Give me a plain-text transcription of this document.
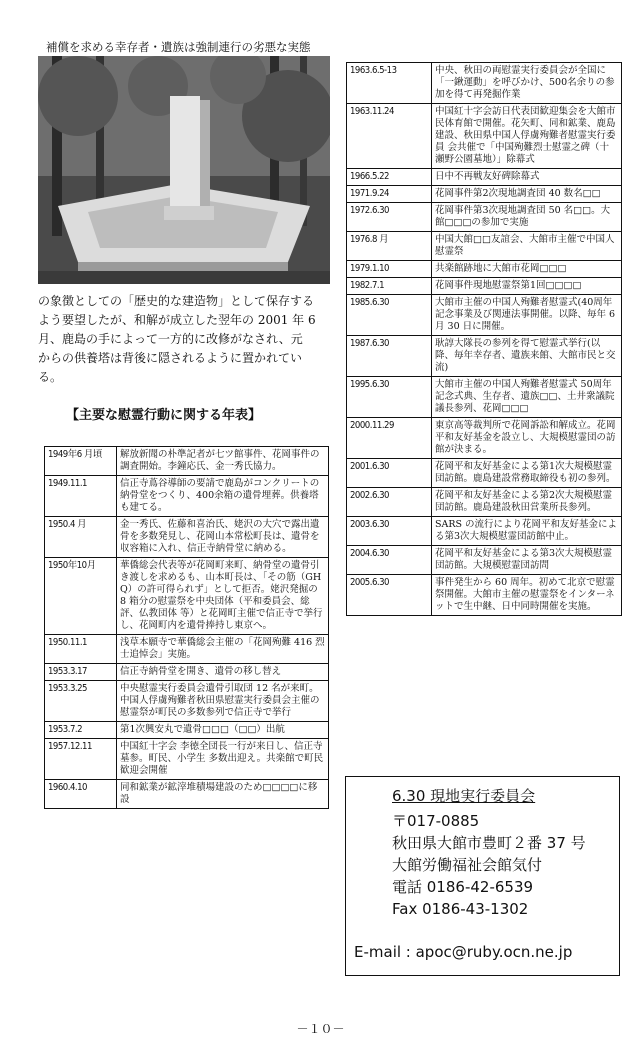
補償を求める幸存者・遺族は強制連行の劣悪な実態

の象徴としての「歴史的な建造物」として保存する

よう要望したが、和解が成立した翌年の 2001 年 6

月、鹿島の手によって一方的に改修がなされ、元

からの供養塔は背後に隠されるように置かれてい

る。

【主要な慰霊行動に関する年表】
1949年6 月頃	解放新聞の朴準記者が七ツ館事件、花岡事件の調査開始。李鐘応氏、金一秀氏協力。
1949.11.1	信正寺蔦谷導師の要請で鹿島がコンクリートの納骨堂をつくり、400余箱の遺骨埋葬。供養塔も建てる。
1950.4 月	金一秀氏、佐藤和喜治氏、姥沢の大穴で露出遺骨を多数発見し、花岡山本常松町長は、遺骨を収容箱に入れ、信正寺納骨堂に納める。
1950年10月	華僑総会代表等が花岡町来町、納骨堂の遺骨引き渡しを求めるも、山本町長は、「その筋（GHQ）の許可得られず」として拒否。姥沢発掘の 8 箱分の慰霊祭を中央団体（平和委員会、総評、仏教団体 等）と花岡町主催で信正寺で挙行し、花岡町内を遺骨捧持し東京へ。
1950.11.1	浅草本願寺で華僑総会主催の「花岡殉難 416 烈士追悼会」実施。
1953.3.17	信正寺納骨堂を開き、遺骨の移し替え
1953.3.25	中央慰霊実行委員会遺骨引取団 12 名が来町。中国人俘虜殉難者秋田県慰霊実行委員会主催の慰霊祭が町民の多数参列で信正寺で挙行
1953.7.2	第1次興安丸で遺骨□□□（□□）出航
1957.12.11	中国紅十字会 李徳全団長一行が来日し、信正寺墓参。町民、小学生 多数出迎え。共楽館で町民歓迎会開催
1960.4.10	同和鉱業が鉱滓堆積場建設のため□□□□に移設
1963.6.5-13	中央、秋田の両慰霊実行委員会が全国に「一鍬運動」を呼びかけ、500名余りの参加を得て再発掘作業
1963.11.24	中国紅十字会訪日代表団歓迎集会を大館市民体育館で開催。花矢町、同和鉱業、鹿島建設、秋田県中国人俘虜殉難者慰霊実行委員 会共催で「中国殉難烈士慰霊之碑（十瀬野公園墓地）」除幕式
1966.5.22	日中不再戦友好碑除幕式
1971.9.24	花岡事件第2次現地調査団 40 数名□□
1972.6.30	花岡事件第3次現地調査団 50 名□□。大館□□□の参加で実施
1976.8 月	中国大館□□友誼会、大館市主催で中国人慰霊祭
1979.1.10	共楽館跡地に大館市花岡□□□
1982.7.1	花岡事件現地慰霊祭第1回□□□□
1985.6.30	大館市主催の中国人殉難者慰霊式(40周年記念事業及び関連法事開催。以降、毎年 6 月 30 日に開催。
1987.6.30	耿諄大隊長の参列を得て慰霊式挙行(以降、毎年幸存者、遺族来館、大館市民と交流)
1995.6.30	大館市主催の中国人殉難者慰霊式 50周年記念式典、生存者、遺族□□、土井衆議院議長参列、花岡□□□
2000.11.29	東京高等裁判所で花岡訴訟和解成立。花岡平和友好基金を設立し、大規模慰霊団の訪館が決まる。
2001.6.30	花岡平和友好基金による第1次大規模慰霊団訪館。鹿島建設常務取締役も初の参列。
2002.6.30	花岡平和友好基金による第2次大規模慰霊団訪館。鹿島建設秋田営業所長参列。
2003.6.30	SARS の流行により花岡平和友好基金による第3次大規模慰霊団訪館中止。
2004.6.30	花岡平和友好基金による第3次大規模慰霊団訪館。大規模慰霊団訪問
2005.6.30	事件発生から 60 周年。初めて北京で慰霊祭開催。大館市主催の慰霊祭をインターネットで生中継、日中同時開催を実施。
6.30 現地実行委員会
〒017-0885
秋田県大館市豊町２番 37 号
大館労働福祉会館気付
電話 0186-42-6539
Fax 0186-43-1302
E-mail : apoc@ruby.ocn.ne.jp
－１０－
